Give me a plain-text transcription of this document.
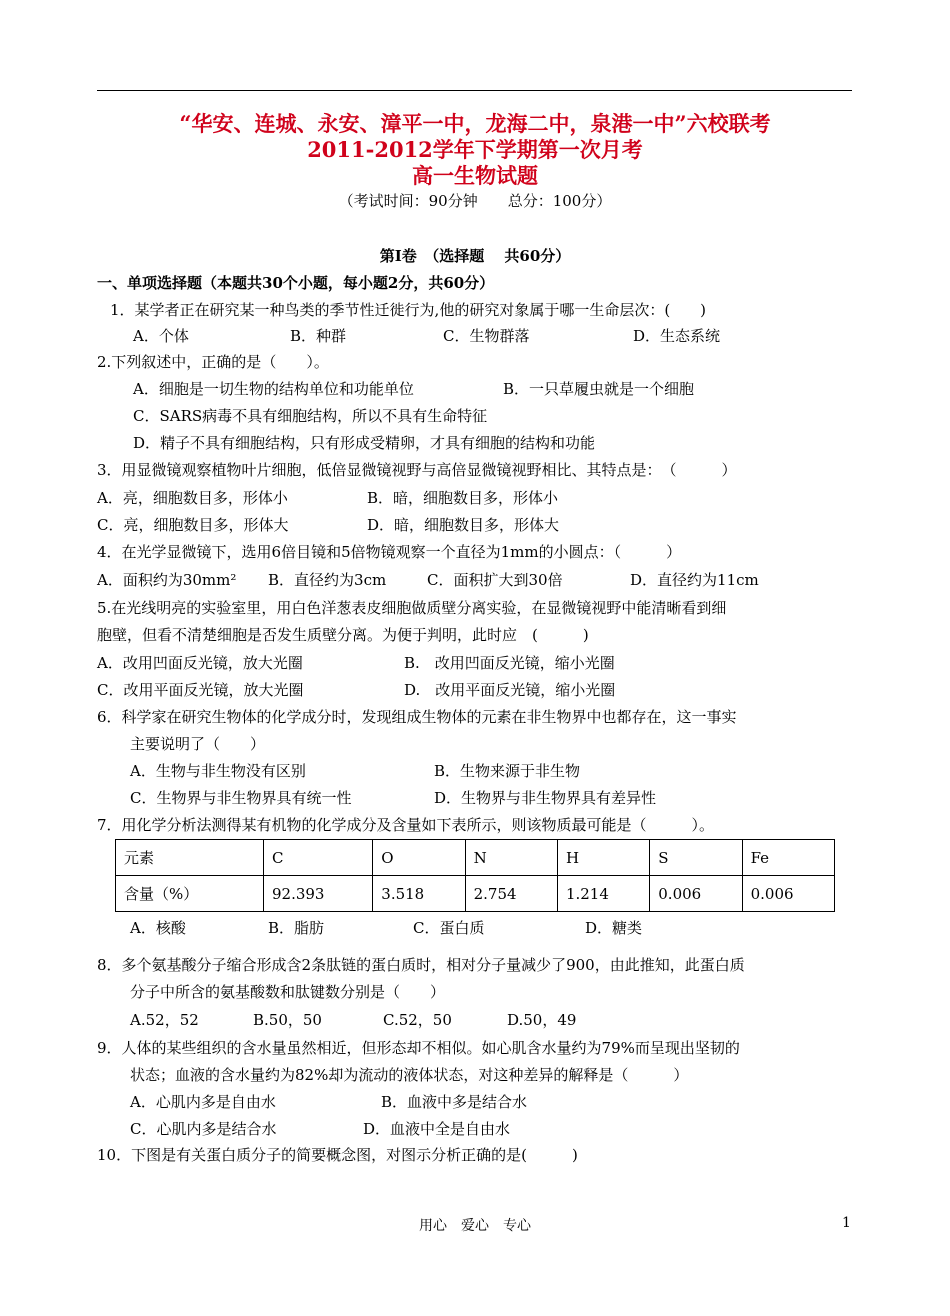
“华安、连城、永安、漳平一中，龙海二中，泉港一中”六校联考
2011-2012学年下学期第一次月考
高一生物试题
（考试时间：90分钟　　总分：100分）
第Ⅰ卷　（选择题　 共60分）
一、单项选择题（本题共30个小题，每小题2分，共60分）
1．某学者正在研究某一种鸟类的季节性迁徙行为,他的研究对象属于哪一生命层次：(　　)
A．个体	B．种群	C．生物群落	D．生态系统
2.下列叙述中，正确的是（　　）。
A．细胞是一切生物的结构单位和功能单位	B．一只草履虫就是一个细胞
C．SARS病毒不具有细胞结构，所以不具有生命特征
D．精子不具有细胞结构，只有形成受精卵，才具有细胞的结构和功能
3．用显微镜观察植物叶片细胞，低倍显微镜视野与高倍显微镜视野相比、其特点是：　（　　　）
A．亮，细胞数目多，形体小	B．暗，细胞数目多，形体小
C．亮，细胞数目多，形体大	D．暗，细胞数目多，形体大
4．在光学显微镜下，选用6倍目镜和5倍物镜观察一个直径为1mm的小圆点：（　　　）
A．面积约为30mm² B．直径约为3cm	C．面积扩大到30倍	D．直径约为11cm
5.在光线明亮的实验室里，用白色洋葱表皮细胞做质壁分离实验，在显微镜视野中能清晰看到细
胞壁，但看不清楚细胞是否发生质壁分离。为便于判明，此时应　(　　　)
A．改用凹面反光镜，放大光圈	B.　改用凹面反光镜，缩小光圈
C．改用平面反光镜，放大光圈	D.　改用平面反光镜，缩小光圈
6．科学家在研究生物体的化学成分时，发现组成生物体的元素在非生物界中也都存在，这一事实
主要说明了（　　）
A．生物与非生物没有区别	B．生物来源于非生物
C．生物界与非生物界具有统一性	D．生物界与非生物界具有差异性
7．用化学分析法测得某有机物的化学成分及含量如下表所示，则该物质最可能是（　　　）。
元素	C	O	N	H	S	Fe
含量（%）	92.393	3.518	2.754	1.214	0.006	0.006
A．核酸	B．脂肪	C．蛋白质	D．糖类
8．多个氨基酸分子缩合形成含2条肽链的蛋白质时，相对分子量减少了900，由此推知，此蛋白质
分子中所含的氨基酸数和肽键数分别是（　　）
A.52，52	B.50，50	C.52，50	D.50，49
9．人体的某些组织的含水量虽然相近，但形态却不相似。如心肌含水量约为79%而呈现出坚韧的
状态；血液的含水量约为82%却为流动的液体状态，对这种差异的解释是（　　　）
A．心肌内多是自由水	B．血液中多是结合水
C．心肌内多是结合水	D．血液中全是自由水
10．下图是有关蛋白质分子的简要概念图，对图示分析正确的是(　　　)
用心　爱心　专心	1
